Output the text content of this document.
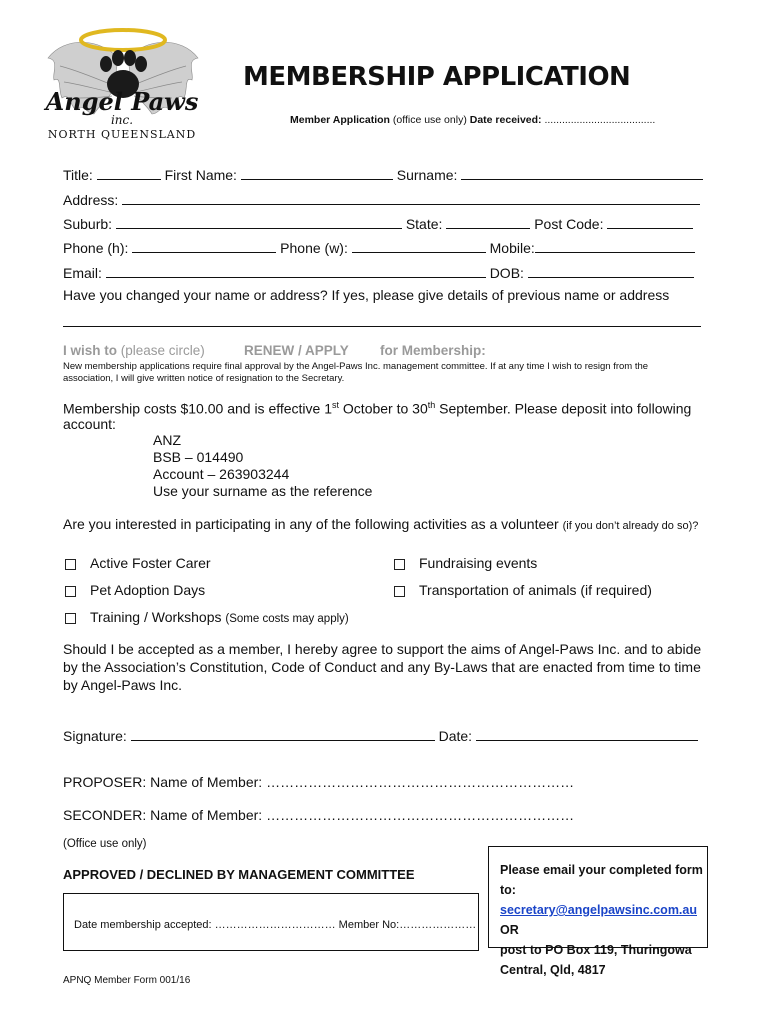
Angel Paws
inc.
NORTH QUEENSLAND
MEMBERSHIP APPLICATION
Member Application (office use only) Date received: ......................................
Title:	First Name:	Surname:
Address:
Suburb:	State:	Post Code:
Phone (h):	Phone (w):	Mobile:
Email:	DOB:
Have you changed your name or address? If yes, please give details of previous name or address
I wish to (please circle)	RENEW / APPLY for Membership:
New membership applications require final approval by the Angel-Paws Inc. management committee. If at any time I wish to resign from the
association, I will give written notice of resignation to the Secretary.
Membership costs $10.00 and is effective 1st October to 30th September. Please deposit into following
account:
ANZ
BSB – 014490
Account – 263903244
Use your surname as the reference
Are you interested in participating in any of the following activities as a volunteer (if you don’t already do so)?
Active Foster Carer	Fundraising events
Pet Adoption Days	Transportation of animals (if required)
Training / Workshops (Some costs may apply)
Should I be accepted as a member, I hereby agree to support the aims of Angel-Paws Inc. and to abide
by the Association’s Constitution, Code of Conduct and any By-Laws that are enacted from time to time
by Angel-Paws Inc.
Signature:	Date:
PROPOSER: Name of Member: …………………………………………………………
SECONDER: Name of Member: …………………………………………………………
(Office use only)
APPROVED / DECLINED BY MANAGEMENT COMMITTEE
Date membership accepted: …………………………… Member No:…………………
Please email your completed form to:
secretary@angelpawsinc.com.au OR
post to PO Box 119, Thuringowa
Central, Qld, 4817
APNQ Member Form 001/16
